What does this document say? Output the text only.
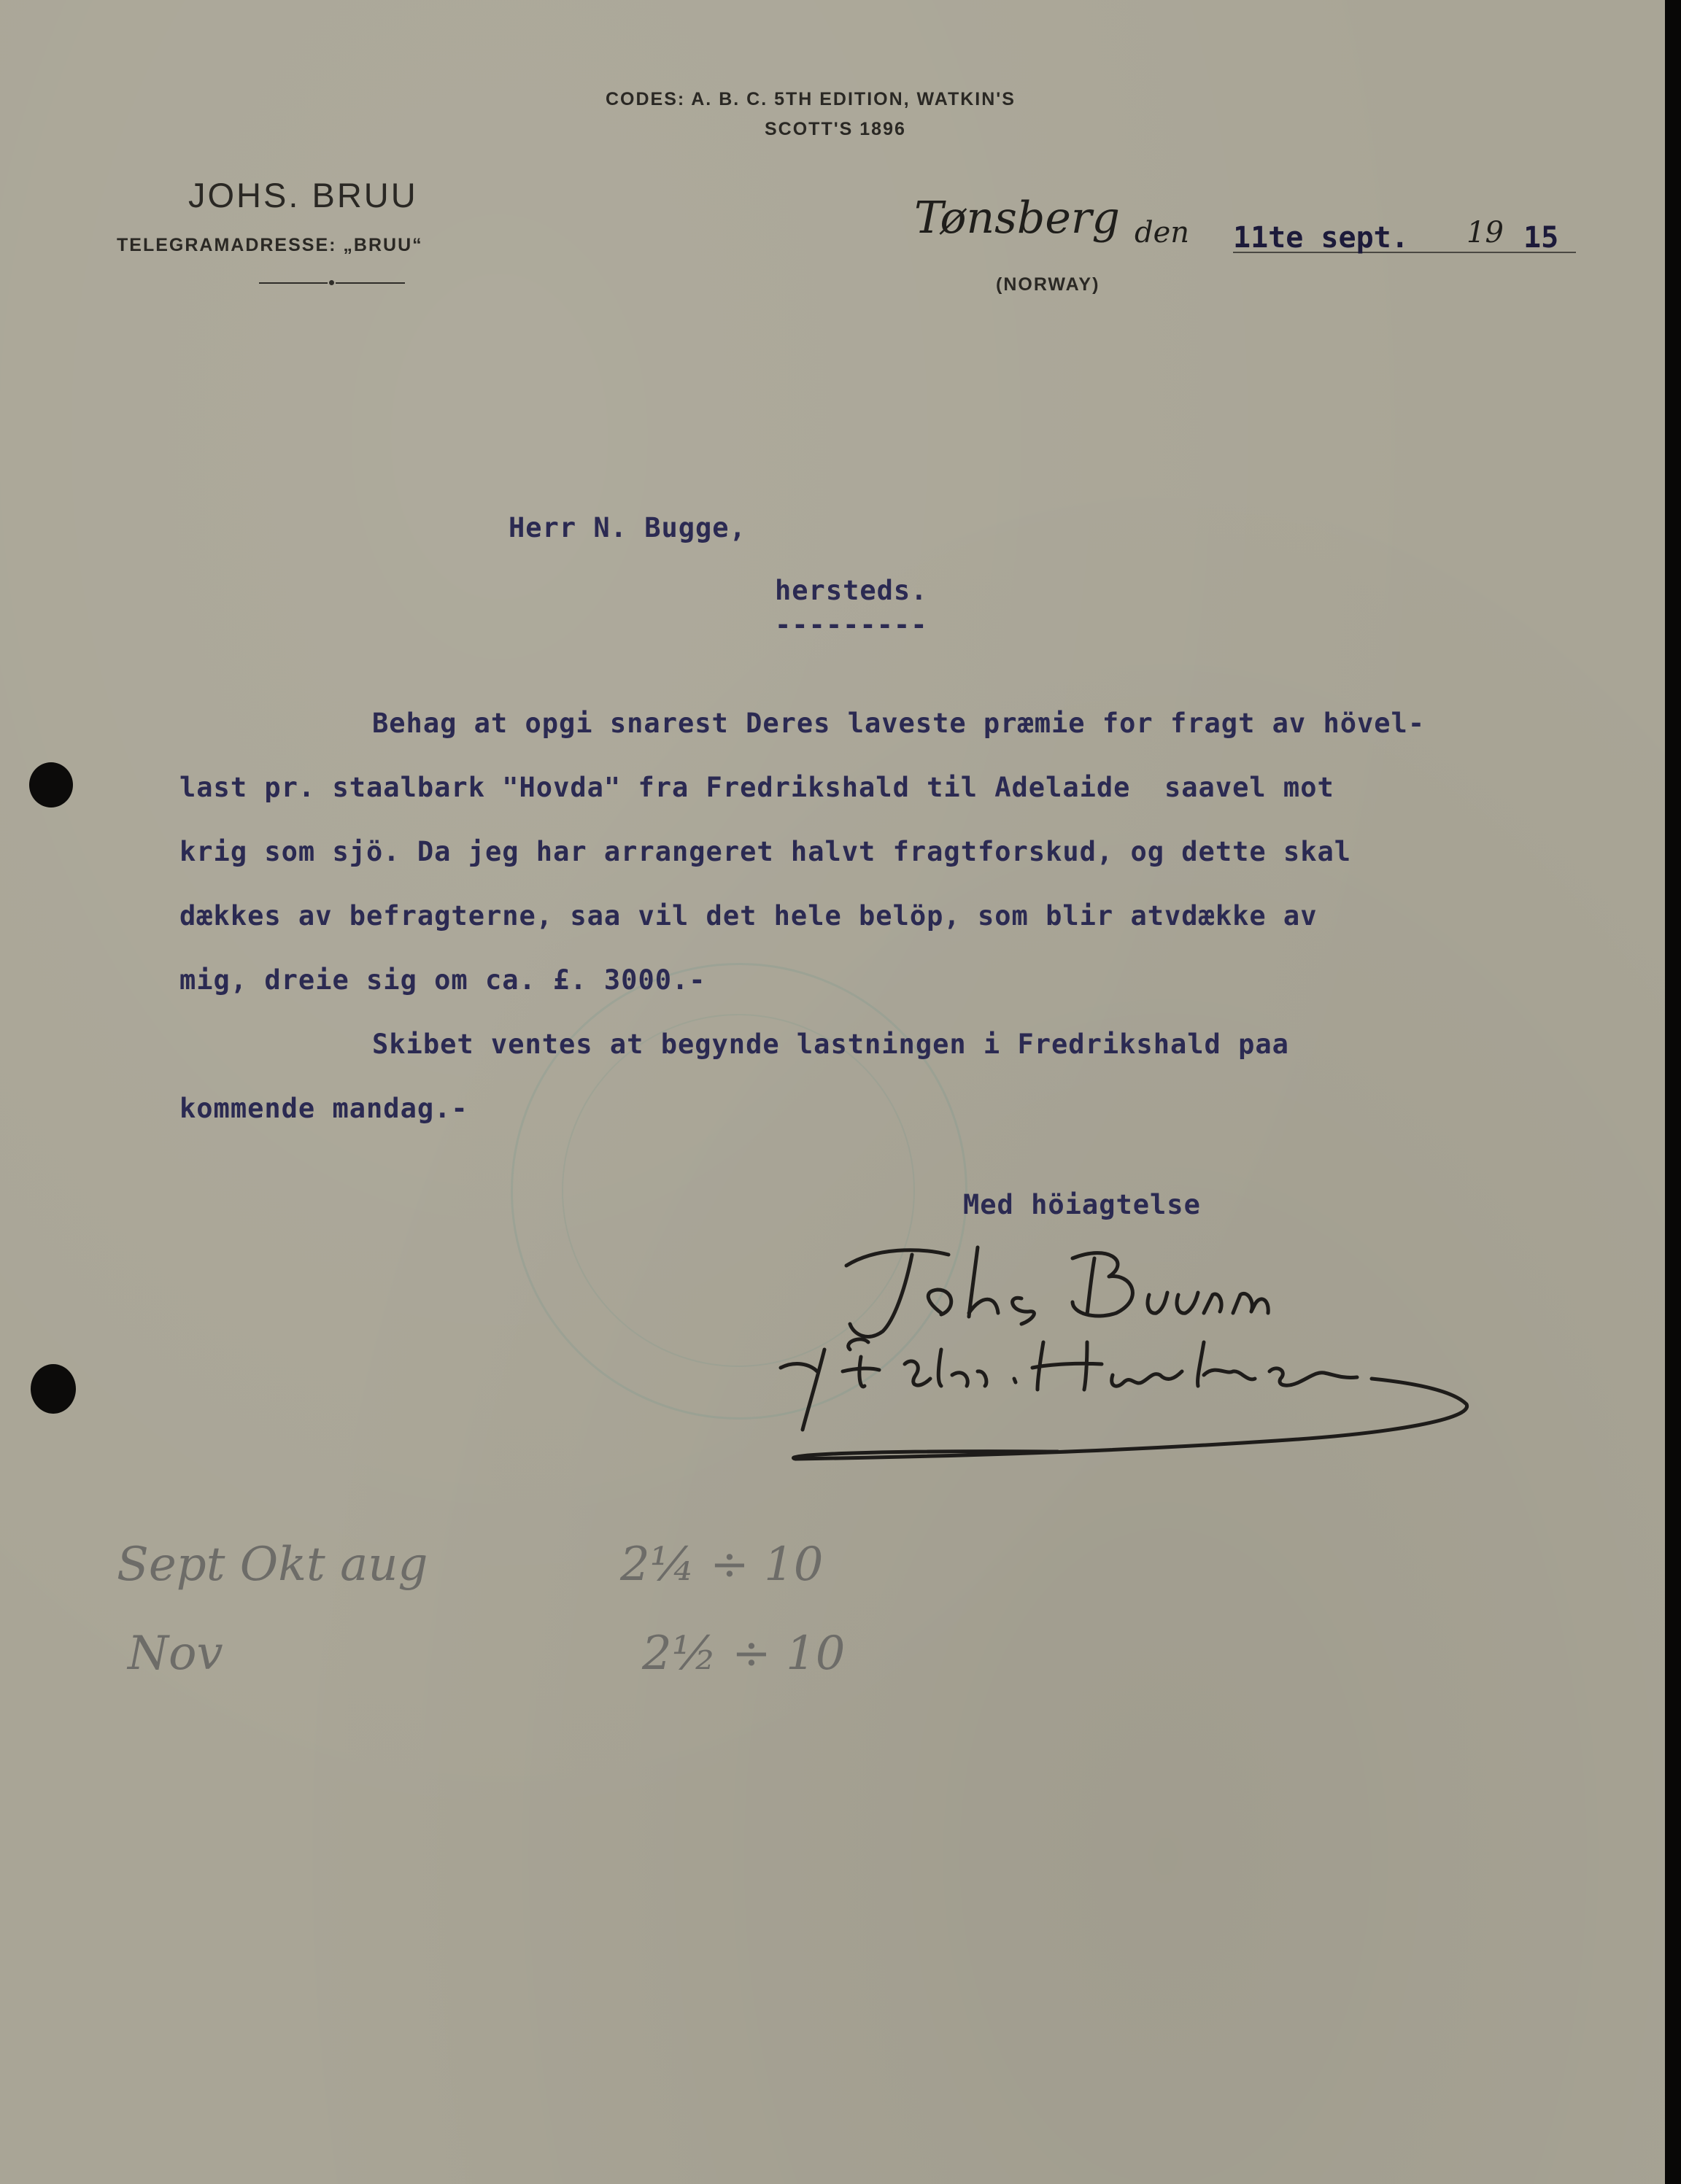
CODES: A. B. C. 5TH EDITION, WATKIN'S
SCOTT'S 1896
JOHS. BRUU
TELEGRAMADRESSE: „BRUU“
Tønsberg den 11te sept. 19 15
(NORWAY)
Herr N. Bugge,
hersteds.
---------
Behag at opgi snarest Deres laveste præmie for fragt av hövel-
last pr. staalbark "Hovda" fra Fredrikshald til Adelaide  saavel mot
krig som sjö. Da jeg har arrangeret halvt fragtforskud, og dette skal
dækkes av befragterne, saa vil det hele belöp, som blir atvdække av
mig, dreie sig om ca. £. 3000.-
Skibet ventes at begynde lastningen i Fredrikshald paa
kommende mandag.-
Med höiagtelse
Sept Okt aug	2¼ ÷ 10
Nov	2½ ÷ 10
